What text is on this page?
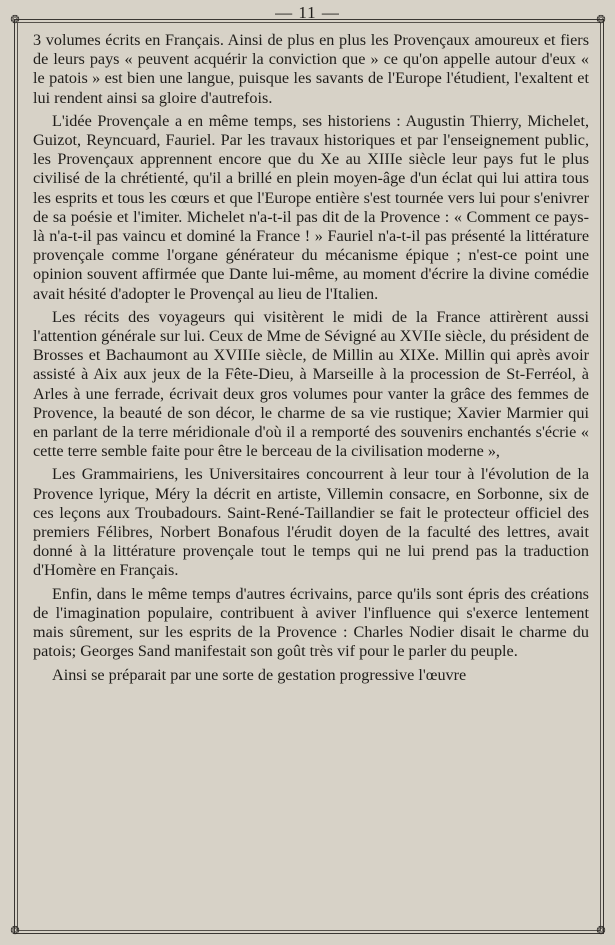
— 11 —
❂	❂
❂	❂

3 volumes écrits en Français. Ainsi de plus en plus les Provençaux amoureux et fiers de leurs pays « peuvent acquérir la conviction que » ce qu'on appelle autour d'eux « le patois » est bien une langue, puisque les savants de l'Europe l'étudient, l'exaltent et lui rendent ainsi sa gloire d'autrefois.

L'idée Provençale a en même temps, ses historiens : Augustin Thierry, Michelet, Guizot, Reyncuard, Fauriel. Par les travaux historiques et par l'enseignement public, les Provençaux apprennent encore que du Xe au XIIIe siècle leur pays fut le plus civilisé de la chrétienté, qu'il a brillé en plein moyen-âge d'un éclat qui lui attira tous les esprits et tous les cœurs et que l'Europe entière s'est tournée vers lui pour s'enivrer de sa poésie et l'imiter. Michelet n'a-t-il pas dit de la Provence : « Comment ce pays-là n'a-t-il pas vaincu et dominé la France ! » Fauriel n'a-t-il pas présenté la littérature provençale comme l'organe générateur du mécanisme épique ; n'est-ce point une opinion souvent affirmée que Dante lui-même, au moment d'écrire la divine comédie avait hésité d'adopter le Provençal au lieu de l'Italien.

Les récits des voyageurs qui visitèrent le midi de la France attirèrent aussi l'attention générale sur lui. Ceux de Mme de Sévigné au XVIIe siècle, du président de Brosses et Bachaumont au XVIIIe siècle, de Millin au XIXe. Millin qui après avoir assisté à Aix aux jeux de la Fête-Dieu, à Marseille à la procession de St-Ferréol, à Arles à une ferrade, écrivait deux gros volumes pour vanter la grâce des femmes de Provence, la beauté de son décor, le charme de sa vie rustique; Xavier Marmier qui en parlant de la terre méridionale d'où il a remporté des souvenirs enchantés s'écrie « cette terre semble faite pour être le berceau de la civilisation moderne »,

Les Grammairiens, les Universitaires concourrent à leur tour à l'évolution de la Provence lyrique, Méry la décrit en artiste, Villemin consacre, en Sorbonne, six de ces leçons aux Troubadours. Saint-René-Taillandier se fait le protecteur officiel des premiers Félibres, Norbert Bonafous l'érudit doyen de la faculté des lettres, avait donné à la littérature provençale tout le temps qui ne lui prend pas la traduction d'Homère en Français.

Enfin, dans le même temps d'autres écrivains, parce qu'ils sont épris des créations de l'imagination populaire, contribuent à aviver l'influence qui s'exerce lentement mais sûrement, sur les esprits de la Provence : Charles Nodier disait le charme du patois; Georges Sand manifestait son goût très vif pour le parler du peuple.

Ainsi se préparait par une sorte de gestation progressive l'œuvre
